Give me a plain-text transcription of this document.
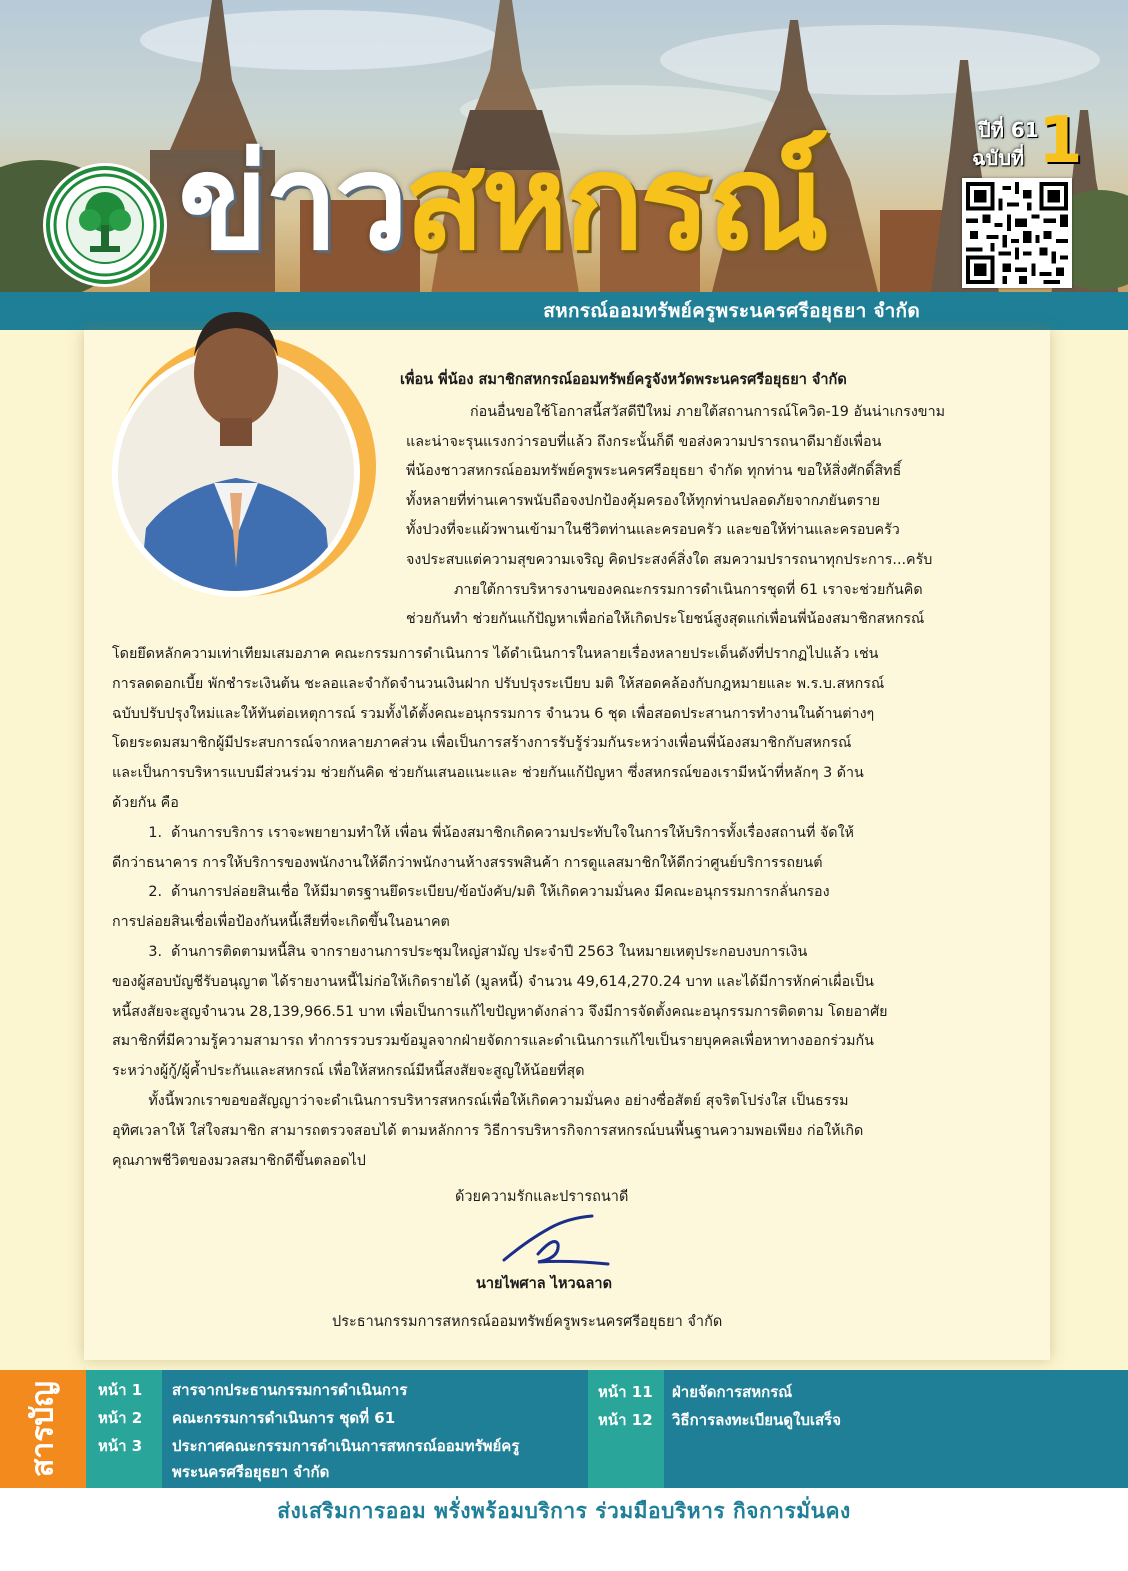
ข่าวสหกรณ์	ปีที่ 61
ฉบับที่ 1
สหกรณ์ออมทรัพย์ครูพระนครศรีอยุธยา จำกัด
เพื่อน พี่น้อง สมาชิกสหกรณ์ออมทรัพย์ครูจังหวัดพระนครศรีอยุธยา จำกัด
ก่อนอื่นขอใช้โอกาสนี้สวัสดีปีใหม่ ภายใต้สถานการณ์โควิด-19 อันน่าเกรงขาม
และน่าจะรุนแรงกว่ารอบที่แล้ว ถึงกระนั้นก็ดี ขอส่งความปรารถนาดีมายังเพื่อน
พี่น้องชาวสหกรณ์ออมทรัพย์ครูพระนครศรีอยุธยา จำกัด ทุกท่าน ขอให้สิ่งศักดิ์สิทธิ์
ทั้งหลายที่ท่านเคารพนับถือจงปกป้องคุ้มครองให้ทุกท่านปลอดภัยจากภยันตราย
ทั้งปวงที่จะแผ้วพานเข้ามาในชีวิตท่านและครอบครัว และขอให้ท่านและครอบครัว
จงประสบแต่ความสุขความเจริญ คิดประสงค์สิ่งใด สมความปรารถนาทุกประการ...ครับ
ภายใต้การบริหารงานของคณะกรรมการดำเนินการชุดที่ 61 เราจะช่วยกันคิด
ช่วยกันทำ ช่วยกันแก้ปัญหาเพื่อก่อให้เกิดประโยชน์สูงสุดแก่เพื่อนพี่น้องสมาชิกสหกรณ์
โดยยึดหลักความเท่าเทียมเสมอภาค คณะกรรมการดำเนินการ ได้ดำเนินการในหลายเรื่องหลายประเด็นดังที่ปรากฏไปแล้ว เช่น
การลดดอกเบี้ย พักชำระเงินต้น ชะลอและจำกัดจำนวนเงินฝาก ปรับปรุงระเบียบ มติ ให้สอดคล้องกับกฎหมายและ พ.ร.บ.สหกรณ์
ฉบับปรับปรุงใหม่และให้ทันต่อเหตุการณ์ รวมทั้งได้ตั้งคณะอนุกรรมการ จำนวน 6 ชุด เพื่อสอดประสานการทำงานในด้านต่างๆ
โดยระดมสมาชิกผู้มีประสบการณ์จากหลายภาคส่วน เพื่อเป็นการสร้างการรับรู้ร่วมกันระหว่างเพื่อนพี่น้องสมาชิกกับสหกรณ์
และเป็นการบริหารแบบมีส่วนร่วม ช่วยกันคิด ช่วยกันเสนอแนะและ ช่วยกันแก้ปัญหา ซึ่งสหกรณ์ของเรามีหน้าที่หลักๆ 3 ด้าน
ด้วยกัน คือ
1.  ด้านการบริการ เราจะพยายามทำให้ เพื่อน พี่น้องสมาชิกเกิดความประทับใจในการให้บริการทั้งเรื่องสถานที่ จัดให้
ดีกว่าธนาคาร การให้บริการของพนักงานให้ดีกว่าพนักงานห้างสรรพสินค้า การดูแลสมาชิกให้ดีกว่าศูนย์บริการรถยนต์
2.  ด้านการปล่อยสินเชื่อ ให้มีมาตรฐานยึดระเบียบ/ข้อบังคับ/มติ ให้เกิดความมั่นคง มีคณะอนุกรรมการกลั่นกรอง
การปล่อยสินเชื่อเพื่อป้องกันหนี้เสียที่จะเกิดขึ้นในอนาคต
3.  ด้านการติดตามหนี้สิน จากรายงานการประชุมใหญ่สามัญ ประจำปี 2563 ในหมายเหตุประกอบงบการเงิน
ของผู้สอบบัญชีรับอนุญาต ได้รายงานหนี้ไม่ก่อให้เกิดรายได้ (มูลหนี้) จำนวน 49,614,270.24 บาท และได้มีการหักค่าเผื่อเป็น
หนี้สงสัยจะสูญจำนวน 28,139,966.51 บาท เพื่อเป็นการแก้ไขปัญหาดังกล่าว จึงมีการจัดตั้งคณะอนุกรรมการติดตาม โดยอาศัย
สมาชิกที่มีความรู้ความสามารถ ทำการรวบรวมข้อมูลจากฝ่ายจัดการและดำเนินการแก้ไขเป็นรายบุคคลเพื่อหาทางออกร่วมกัน
ระหว่างผู้กู้/ผู้ค้ำประกันและสหกรณ์ เพื่อให้สหกรณ์มีหนี้สงสัยจะสูญให้น้อยที่สุด
ทั้งนี้พวกเราขอขอสัญญาว่าจะดำเนินการบริหารสหกรณ์เพื่อให้เกิดความมั่นคง อย่างซื่อสัตย์ สุจริตโปร่งใส เป็นธรรม
อุทิศเวลาให้ ใส่ใจสมาชิก สามารถตรวจสอบได้ ตามหลักการ วิธีการบริหารกิจการสหกรณ์บนพื้นฐานความพอเพียง ก่อให้เกิด
คุณภาพชีวิตของมวลสมาชิกดีขึ้นตลอดไป
ด้วยความรักและปรารถนาดี
นายไพศาล ไหวฉลาด
ประธานกรรมการสหกรณ์ออมทรัพย์ครูพระนครศรีอยุธยา จำกัด
สารบัญ	หน้า 1 สารจากประธานกรรมการดำเนินการ
หน้า 2 คณะกรรมการดำเนินการ ชุดที่ 61
หน้า 3 ประกาศคณะกรรมการดำเนินการสหกรณ์ออมทรัพย์ครู
พระนครศรีอยุธยา จำกัด
หน้า 11 ฝ่ายจัดการสหกรณ์
หน้า 12 วิธีการลงทะเบียนดูใบเสร็จ
ส่งเสริมการออม พรั่งพร้อมบริการ ร่วมมือบริหาร กิจการมั่นคง
